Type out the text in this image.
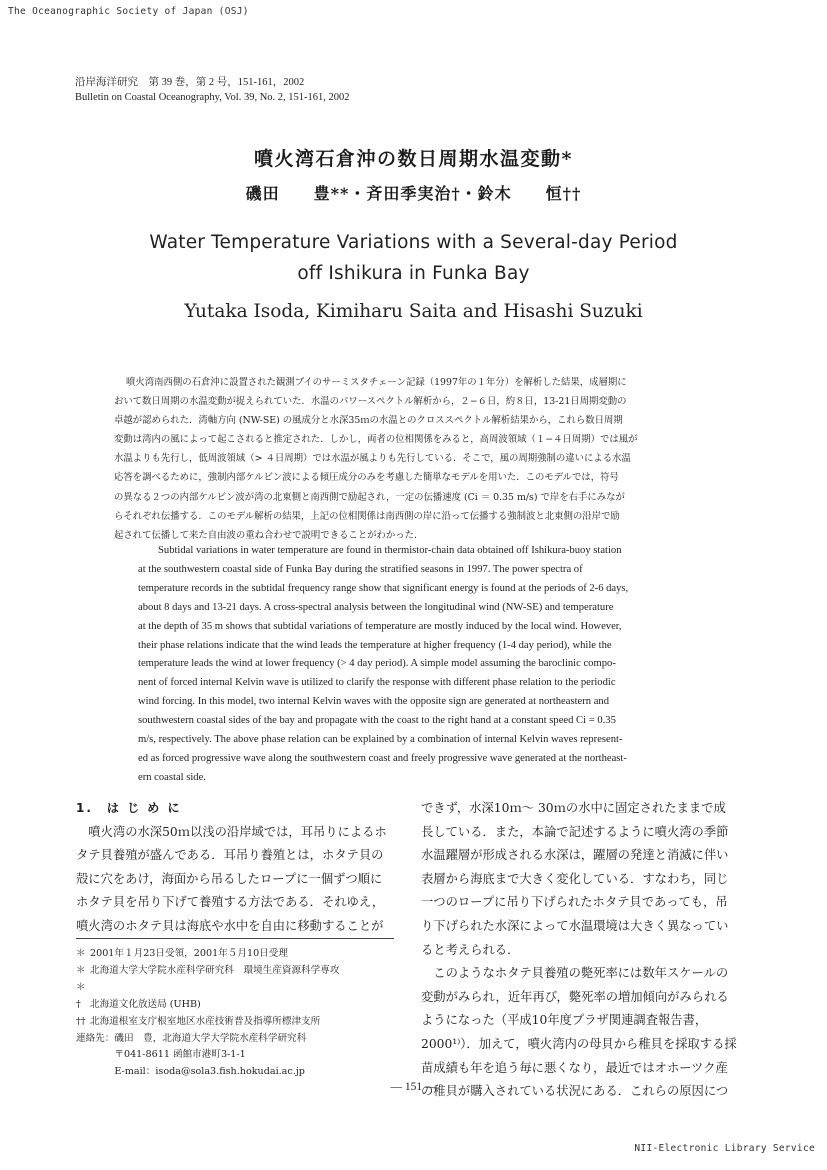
The Oceanographic Society of Japan (OSJ)
NII-Electronic Library Service
沿岸海洋研究　第 39 巻，第 2 号，151-161，2002
Bulletin on Coastal Oceanography, Vol. 39, No. 2, 151-161, 2002
噴火湾石倉沖の数日周期水温変動*
磯田　　豊**・斉田季実治†・鈴木　　恒††
Water Temperature Variations with a Several-day Period
off Ishikura in Funka Bay
Yutaka Isoda, Kimiharu Saita and Hisashi Suzuki
噴火湾南西側の石倉沖に設置された観測ブイのサーミスタチェーン記録（1997年の１年分）を解析した結果，成層期に
おいて数日周期の水温変動が捉えられていた．水温のパワースペクトル解析から，２−６日，約８日，13-21日周期変動の
卓越が認められた．湾軸方向 (NW-SE) の風成分と水深35ｍの水温とのクロススペクトル解析結果から，これら数日周期
変動は湾内の風によって起こされると推定された．しかし，両者の位相関係をみると，高周波領域（１−４日周期）では風が
水温よりも先行し，低周波領域（> ４日周期）では水温が風よりも先行している．そこで，風の周期強制の違いによる水温
応答を調べるために，強制内部ケルビン波による傾圧成分のみを考慮した簡単なモデルを用いた．このモデルでは，符号
の異なる２つの内部ケルビン波が湾の北東側と南西側で励起され，一定の伝播速度 (Ci ＝ 0.35 m/s) で岸を右手にみなが
らそれぞれ伝播する．このモデル解析の結果，上記の位相関係は南西側の岸に沿って伝播する強制波と北東側の沿岸で励
起されて伝播して来た自由波の重ね合わせで説明できることがわかった．
Subtidal variations in water temperature are found in thermistor-chain data obtained off Ishikura-buoy station
at the southwestern coastal side of Funka Bay during the stratified seasons in 1997. The power spectra of
temperature records in the subtidal frequency range show that significant energy is found at the periods of 2-6 days,
about 8 days and 13-21 days. A cross-spectral analysis between the longitudinal wind (NW-SE) and temperature
at the depth of 35 m shows that subtidal variations of temperature are mostly induced by the local wind. However,
their phase relations indicate that the wind leads the temperature at higher frequency (1-4 day period), while the
temperature leads the wind at lower frequency (> 4 day period). A simple model assuming the baroclinic compo-
nent of forced internal Kelvin wave is utilized to clarify the response with different phase relation to the periodic
wind forcing. In this model, two internal Kelvin waves with the opposite sign are generated at northeastern and
southwestern coastal sides of the bay and propagate with the coast to the right hand at a constant speed Ci = 0.35
m/s, respectively. The above phase relation can be explained by a combination of internal Kelvin waves represent-
ed as forced progressive wave along the southwestern coast and freely progressive wave generated at the northeast-
ern coastal side.
1.　は じ め に
　噴火湾の水深50ｍ以浅の沿岸域では，耳吊りによるホ
タテ貝養殖が盛んである．耳吊り養殖とは，ホタテ貝の
殻に穴をあけ，海面から吊るしたロープに一個ずつ順に
ホタテ貝を吊り下げて養殖する方法である．それゆえ，
噴火湾のホタテ貝は海底や水中を自由に移動することが
できず，水深10ｍ～ 30ｍの水中に固定されたままで成
長している．また，本論で記述するように噴火湾の季節
水温躍層が形成される水深は，躍層の発達と消滅に伴い
表層から海底まで大きく変化している．すなわち，同じ
一つのロープに吊り下げられたホタテ貝であっても，吊
り下げられた水深によって水温環境は大きく異なってい
ると考えられる．
　このようなホタテ貝養殖の斃死率には数年スケールの
変動がみられ，近年再び，斃死率の増加傾向がみられる
ようになった（平成10年度プラザ関連調査報告書，
2000¹⁾）．加えて，噴火湾内の母貝から稚貝を採取する採
苗成績も年を追う毎に悪くなり，最近ではオホーツク産
の稚貝が購入されている状況にある．これらの原因につ
＊ 2001年１月23日受領，2001年５月10日受理
＊＊
北海道大学大学院水産科学研究科　環境生産資源科学専攻
† 北海道文化放送局 (UHB)
†† 北海道根室支庁根室地区水産技術普及指導所標津支所
連絡先：磯田　豊，北海道大学大学院水産科学研究科
　　　　〒041-8611 函館市港町3-1-1
　　　　E-mail：isoda@sola3.fish.hokudai.ac.jp
— 151 —
